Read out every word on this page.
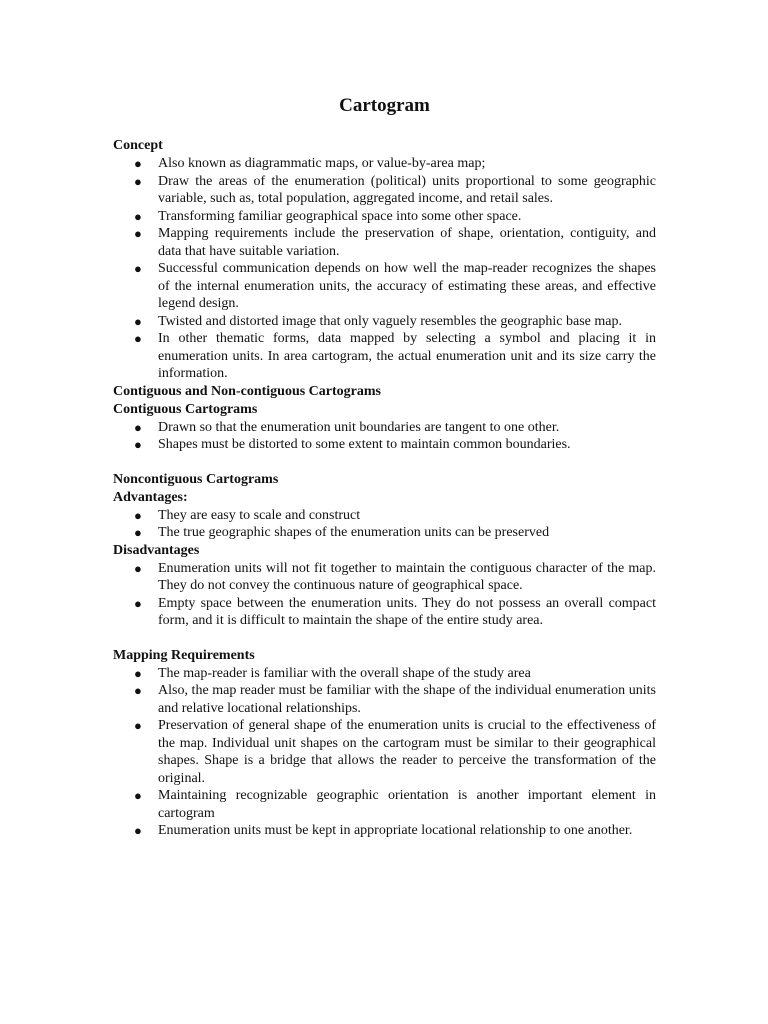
Cartogram
Concept
● Also known as diagrammatic maps, or value-by-area map;
● Draw the areas of the enumeration (political) units proportional to some geographic variable, such as, total population, aggregated income, and retail sales.
● Transforming familiar geographical space into some other space.
● Mapping requirements include the preservation of shape, orientation, contiguity, and data that have suitable variation.
● Successful communication depends on how well the map-reader recognizes the shapes of the internal enumeration units, the accuracy of estimating these areas, and effective legend design.
● Twisted and distorted image that only vaguely resembles the geographic base map.
● In other thematic forms, data mapped by selecting a symbol and placing it in enumeration units. In area cartogram, the actual enumeration unit and its size carry the information.
Contiguous and Non-contiguous Cartograms
Contiguous Cartograms
● Drawn so that the enumeration unit boundaries are tangent to one other.
● Shapes must be distorted to some extent to maintain common boundaries.
Noncontiguous Cartograms
Advantages:
● They are easy to scale and construct
● The true geographic shapes of the enumeration units can be preserved
Disadvantages
● Enumeration units will not fit together to maintain the contiguous character of the map. They do not convey the continuous nature of geographical space.
● Empty space between the enumeration units. They do not possess an overall compact form, and it is difficult to maintain the shape of the entire study area.
Mapping Requirements
● The map-reader is familiar with the overall shape of the study area
● Also, the map reader must be familiar with the shape of the individual enumeration units and relative locational relationships.
● Preservation of general shape of the enumeration units is crucial to the effectiveness of the map. Individual unit shapes on the cartogram must be similar to their geographical shapes. Shape is a bridge that allows the reader to perceive the transformation of the original.
● Maintaining recognizable geographic orientation is another important element in cartogram
● Enumeration units must be kept in appropriate locational relationship to one another.
